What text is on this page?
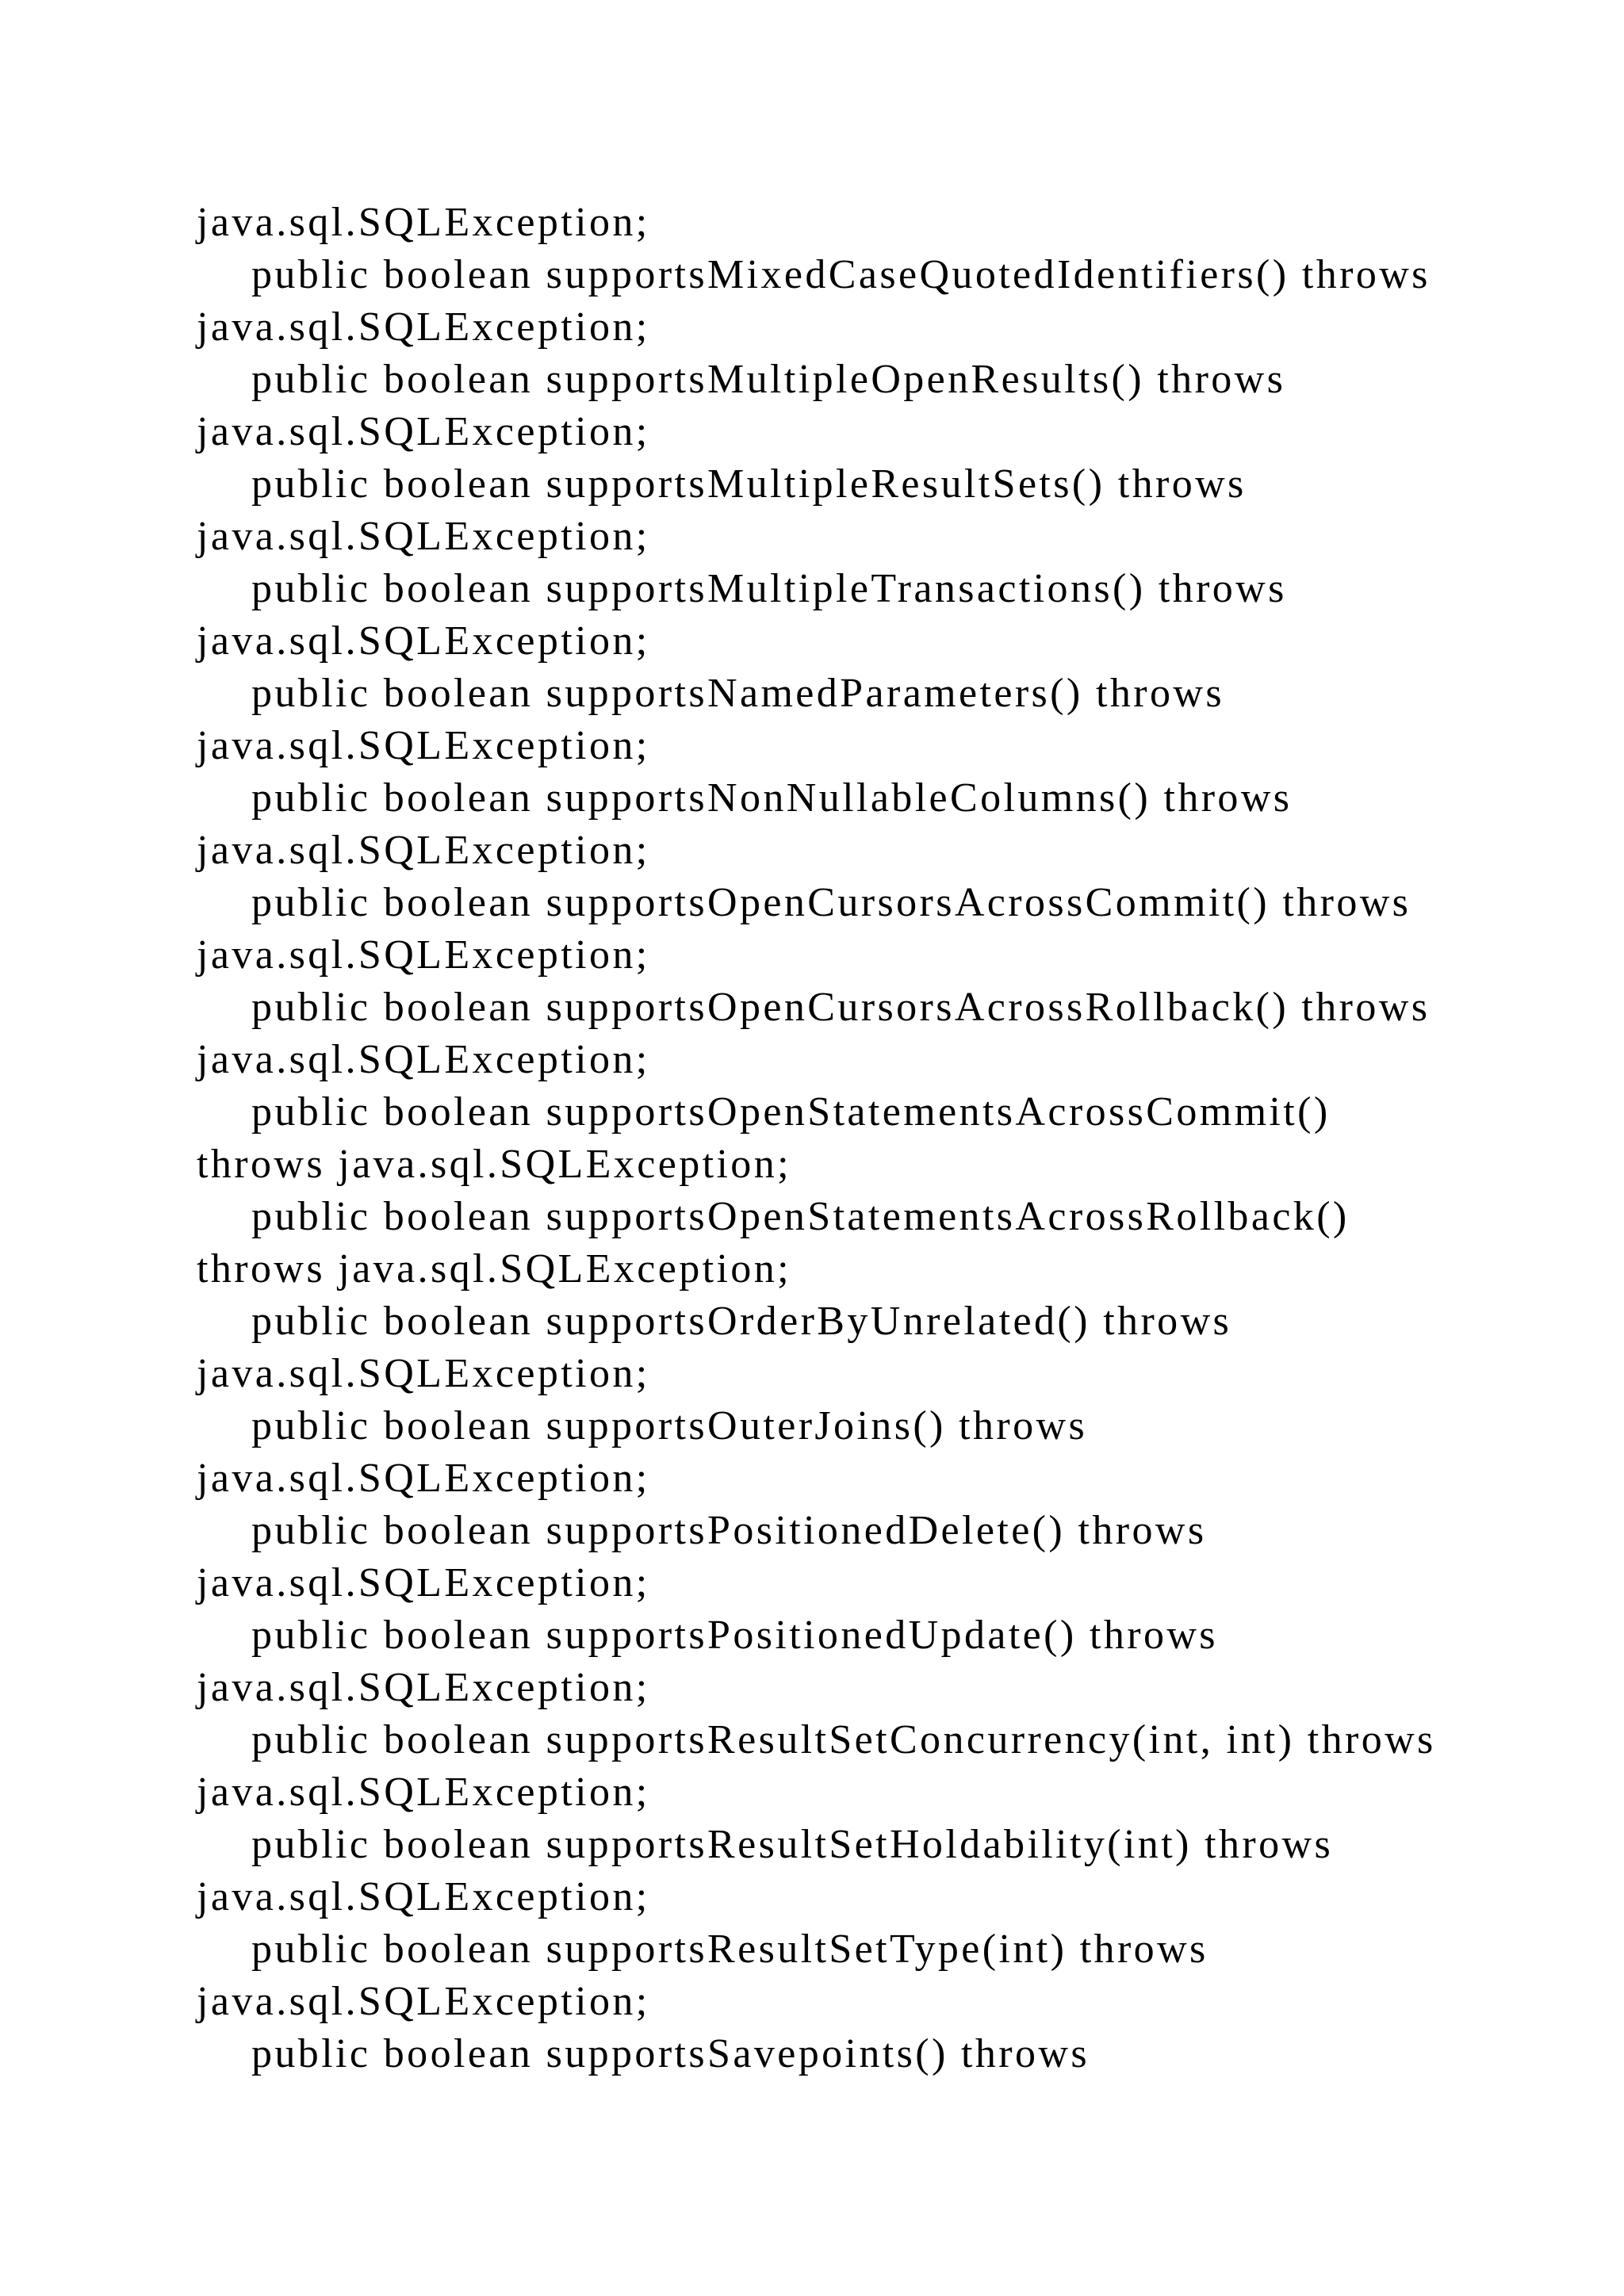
java.sql.SQLException;
public boolean supportsMixedCaseQuotedIdentifiers() throws
java.sql.SQLException;
public boolean supportsMultipleOpenResults() throws
java.sql.SQLException;
public boolean supportsMultipleResultSets() throws
java.sql.SQLException;
public boolean supportsMultipleTransactions() throws
java.sql.SQLException;
public boolean supportsNamedParameters() throws
java.sql.SQLException;
public boolean supportsNonNullableColumns() throws
java.sql.SQLException;
public boolean supportsOpenCursorsAcrossCommit() throws
java.sql.SQLException;
public boolean supportsOpenCursorsAcrossRollback() throws
java.sql.SQLException;
public boolean supportsOpenStatementsAcrossCommit()
throws java.sql.SQLException;
public boolean supportsOpenStatementsAcrossRollback()
throws java.sql.SQLException;
public boolean supportsOrderByUnrelated() throws
java.sql.SQLException;
public boolean supportsOuterJoins() throws
java.sql.SQLException;
public boolean supportsPositionedDelete() throws
java.sql.SQLException;
public boolean supportsPositionedUpdate() throws
java.sql.SQLException;
public boolean supportsResultSetConcurrency(int, int) throws
java.sql.SQLException;
public boolean supportsResultSetHoldability(int) throws
java.sql.SQLException;
public boolean supportsResultSetType(int) throws
java.sql.SQLException;
public boolean supportsSavepoints() throws
